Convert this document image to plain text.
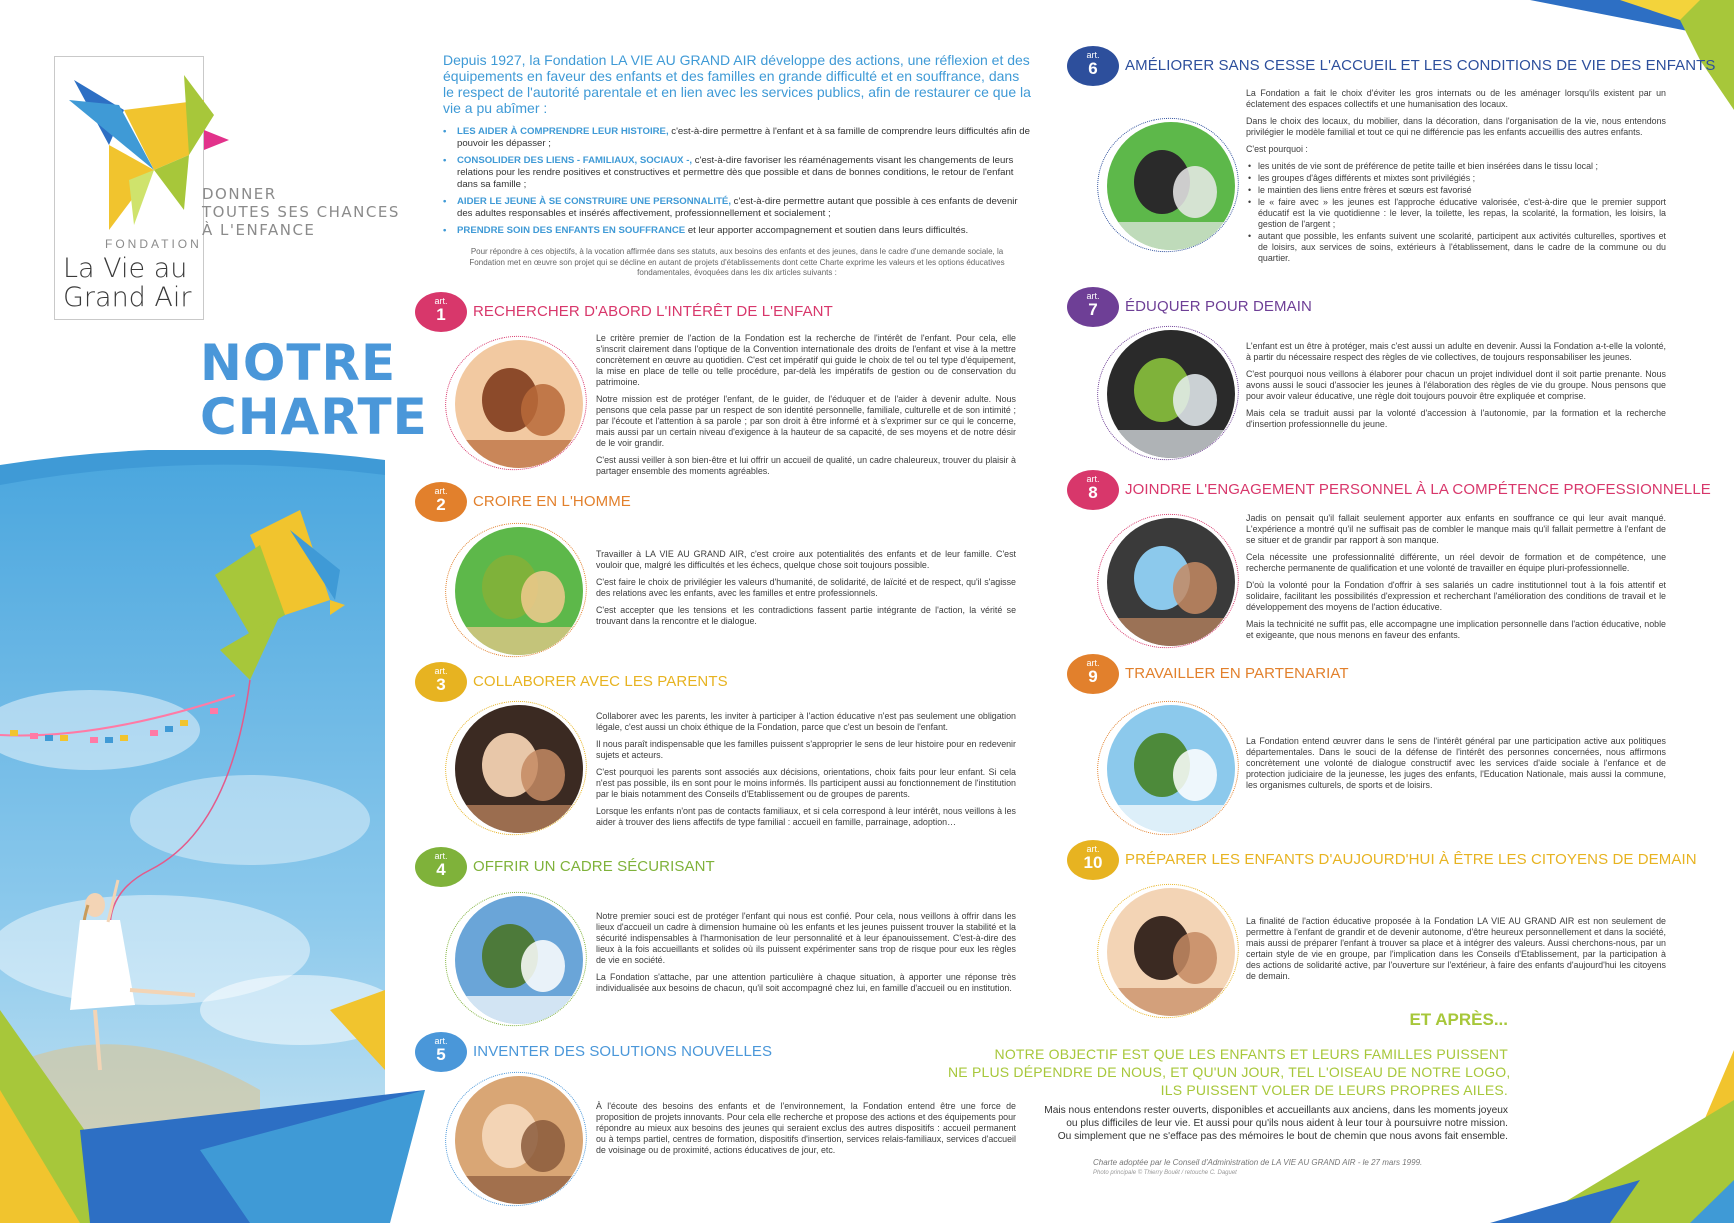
DONNER
TOUTES SES CHANCES
À L'ENFANCE
FONDATION
La Vie au
Grand Air
NOTRE
CHARTE
Depuis 1927, la Fondation LA VIE AU GRAND AIR développe des actions, une réflexion et des équipements en faveur des enfants et des familles en grande difficulté et en souffrance, dans le respect de l'autorité parentale et en lien avec les services publics, afin de restaurer ce que la vie a pu abîmer :
• LES AIDER À COMPRENDRE LEUR HISTOIRE, c'est-à-dire permettre à l'enfant et à sa famille de comprendre leurs difficultés afin de pouvoir les dépasser ;
• CONSOLIDER DES LIENS - FAMILIAUX, SOCIAUX -, c'est-à-dire favoriser les réaménagements visant les changements de leurs relations pour les rendre positives et constructives et permettre dès que possible et dans de bonnes conditions, le retour de l'enfant dans sa famille ;
• AIDER LE JEUNE À SE CONSTRUIRE UNE PERSONNALITÉ, c'est-à-dire permettre autant que possible à ces enfants de devenir des adultes responsables et insérés affectivement, professionnellement et socialement ;
• PRENDRE SOIN DES ENFANTS EN SOUFFRANCE et leur apporter accompagnement et soutien dans leurs difficultés.
Pour répondre à ces objectifs, à la vocation affirmée dans ses statuts, aux besoins des enfants et des jeunes, dans le cadre d'une demande sociale, la Fondation met en œuvre son projet qui se décline en autant de projets d'établissements dont cette Charte exprime les valeurs et les options éducatives fondamentales, évoquées dans les dix articles suivants :
art.
1	RECHERCHER D'ABORD L'INTÉRÊT DE L'ENFANT

Le critère premier de l'action de la Fondation est la recherche de l'intérêt de l'enfant. Pour cela, elle s'inscrit clairement dans l'optique de la Convention internationale des droits de l'enfant et vise à la mettre concrètement en œuvre au quotidien. C'est cet impératif qui guide le choix de tel ou tel type d'équipement, la mise en place de telle ou telle procédure, par-delà les impératifs de gestion ou de conservation du patrimoine.

Notre mission est de protéger l'enfant, de le guider, de l'éduquer et de l'aider à devenir adulte. Nous pensons que cela passe par un respect de son identité personnelle, familiale, culturelle et de son intimité ; par l'écoute et l'attention à sa parole ; par son droit à être informé et à s'exprimer sur ce qui le concerne, mais aussi par un certain niveau d'exigence à la hauteur de sa capacité, de ses moyens et de notre désir de le voir grandir.

C'est aussi veiller à son bien-être et lui offrir un accueil de qualité, un cadre chaleureux, trouver du plaisir à partager ensemble des moments agréables.

art.
2	CROIRE EN L'HOMME

Travailler à LA VIE AU GRAND AIR, c'est croire aux potentialités des enfants et de leur famille. C'est vouloir que, malgré les difficultés et les échecs, quelque chose soit toujours possible.

C'est faire le choix de privilégier les valeurs d'humanité, de solidarité, de laïcité et de respect, qu'il s'agisse des relations avec les enfants, avec les familles et entre professionnels.

C'est accepter que les tensions et les contradictions fassent partie intégrante de l'action, la vérité se trouvant dans la rencontre et le dialogue.

art.
3	COLLABORER AVEC LES PARENTS

Collaborer avec les parents, les inviter à participer à l'action éducative n'est pas seulement une obligation légale, c'est aussi un choix éthique de la Fondation, parce que c'est un besoin de l'enfant.

Il nous paraît indispensable que les familles puissent s'approprier le sens de leur histoire pour en redevenir sujets et acteurs.

C'est pourquoi les parents sont associés aux décisions, orientations, choix faits pour leur enfant. Si cela n'est pas possible, ils en sont pour le moins informés. Ils participent aussi au fonctionnement de l'institution par le biais notamment des Conseils d'Etablissement ou de groupes de parents.

Lorsque les enfants n'ont pas de contacts familiaux, et si cela correspond à leur intérêt, nous veillons à les aider à trouver des liens affectifs de type familial : accueil en famille, parrainage, adoption…

art.
4	OFFRIR UN CADRE SÉCURISANT

Notre premier souci est de protéger l'enfant qui nous est confié. Pour cela, nous veillons à offrir dans les lieux d'accueil un cadre à dimension humaine où les enfants et les jeunes puissent trouver la stabilité et la sécurité indispensables à l'harmonisation de leur personnalité et à leur épanouissement. C'est-à-dire des lieux à la fois accueillants et solides où ils puissent expérimenter sans trop de risque pour eux les règles de vie en société.

La Fondation s'attache, par une attention particulière à chaque situation, à apporter une réponse très individualisée aux besoins de chacun, qu'il soit accompagné chez lui, en famille d'accueil ou en institution.

art.
5	INVENTER DES SOLUTIONS NOUVELLES

À l'écoute des besoins des enfants et de l'environnement, la Fondation entend être une force de proposition de projets innovants. Pour cela elle recherche et propose des actions et des équipements pour répondre au mieux aux besoins des jeunes qui seraient exclus des autres dispositifs : accueil permanent ou à temps partiel, centres de formation, dispositifs d'insertion, services relais-familiaux, services d'accueil de voisinage ou de proximité, actions éducatives de jour, etc.

art.
6	AMÉLIORER SANS CESSE L'ACCUEIL ET LES CONDITIONS DE VIE DES ENFANTS

La Fondation a fait le choix d'éviter les gros internats ou de les aménager lorsqu'ils existent par un éclatement des espaces collectifs et une humanisation des locaux.

Dans le choix des locaux, du mobilier, dans la décoration, dans l'organisation de la vie, nous entendons privilégier le modèle familial et tout ce qui ne différencie pas les enfants accueillis des autres enfants.

C'est pourquoi :

• les unités de vie sont de préférence de petite taille et bien insérées dans le tissu local ;
• les groupes d'âges différents et mixtes sont privilégiés ;
• le maintien des liens entre frères et sœurs est favorisé
• le « faire avec » les jeunes est l'approche éducative valorisée, c'est-à-dire que le premier support éducatif est la vie quotidienne : le lever, la toilette, les repas, la scolarité, la formation, les loisirs, la gestion de l'argent ;
• autant que possible, les enfants suivent une scolarité, participent aux activités culturelles, sportives et de loisirs, aux services de soins, extérieurs à l'établissement, dans le cadre de la commune ou du quartier.
art.
7	ÉDUQUER POUR DEMAIN

L'enfant est un être à protéger, mais c'est aussi un adulte en devenir. Aussi la Fondation a-t-elle la volonté, à partir du nécessaire respect des règles de vie collectives, de toujours responsabiliser les jeunes.

C'est pourquoi nous veillons à élaborer pour chacun un projet individuel dont il soit partie prenante. Nous avons aussi le souci d'associer les jeunes à l'élaboration des règles de vie du groupe. Nous pensons que pour avoir valeur éducative, une règle doit toujours pouvoir être expliquée et comprise.

Mais cela se traduit aussi par la volonté d'accession à l'autonomie, par la formation et la recherche d'insertion professionnelle du jeune.

art.
8	JOINDRE L'ENGAGEMENT PERSONNEL À LA COMPÉTENCE PROFESSIONNELLE

Jadis on pensait qu'il fallait seulement apporter aux enfants en souffrance ce qui leur avait manqué. L'expérience a montré qu'il ne suffisait pas de combler le manque mais qu'il fallait permettre à l'enfant de se situer et de grandir par rapport à son manque.

Cela nécessite une professionnalité différente, un réel devoir de formation et de compétence, une recherche permanente de qualification et une volonté de travailler en équipe pluri-professionnelle.

D'où la volonté pour la Fondation d'offrir à ses salariés un cadre institutionnel tout à la fois attentif et solidaire, facilitant les possibilités d'expression et recherchant l'amélioration des conditions de travail et le développement des moyens de l'action éducative.

Mais la technicité ne suffit pas, elle accompagne une implication personnelle dans l'action éducative, noble et exigeante, que nous menons en faveur des enfants.

art.
9	TRAVAILLER EN PARTENARIAT

La Fondation entend œuvrer dans le sens de l'intérêt général par une participation active aux politiques départementales. Dans le souci de la défense de l'intérêt des personnes concernées, nous affirmons concrètement une volonté de dialogue constructif avec les services d'aide sociale à l'enfance et de protection judiciaire de la jeunesse, les juges des enfants, l'Education Nationale, mais aussi la commune, les organismes culturels, de sports et de loisirs.

art.
10	PRÉPARER LES ENFANTS D'AUJOURD'HUI À ÊTRE LES CITOYENS DE DEMAIN

La finalité de l'action éducative proposée à la Fondation LA VIE AU GRAND AIR est non seulement de permettre à l'enfant de grandir et de devenir autonome, d'être heureux personnellement et dans la société, mais aussi de préparer l'enfant à trouver sa place et à intégrer des valeurs. Aussi cherchons-nous, par un certain style de vie en groupe, par l'implication dans les Conseils d'Etablissement, par la participation à des actions de solidarité active, par l'ouverture sur l'extérieur, à faire des enfants d'aujourd'hui les citoyens de demain.

ET APRÈS...
NOTRE OBJECTIF EST QUE LES ENFANTS ET LEURS FAMILLES PUISSENT
NE PLUS DÉPENDRE DE NOUS, ET QU'UN JOUR, TEL L'OISEAU DE NOTRE LOGO,
ILS PUISSENT VOLER DE LEURS PROPRES AILES.
Mais nous entendons rester ouverts, disponibles et accueillants aux anciens, dans les moments joyeux
ou plus difficiles de leur vie. Et aussi pour qu'ils nous aident à leur tour à poursuivre notre mission.
Ou simplement que ne s'efface pas des mémoires le bout de chemin que nous avons fait ensemble.
Charte adoptée par le Conseil d'Administration de LA VIE AU GRAND AIR - le 27 mars 1999.
Photo principale © Thierry Bouët / retouche C. Daguet
